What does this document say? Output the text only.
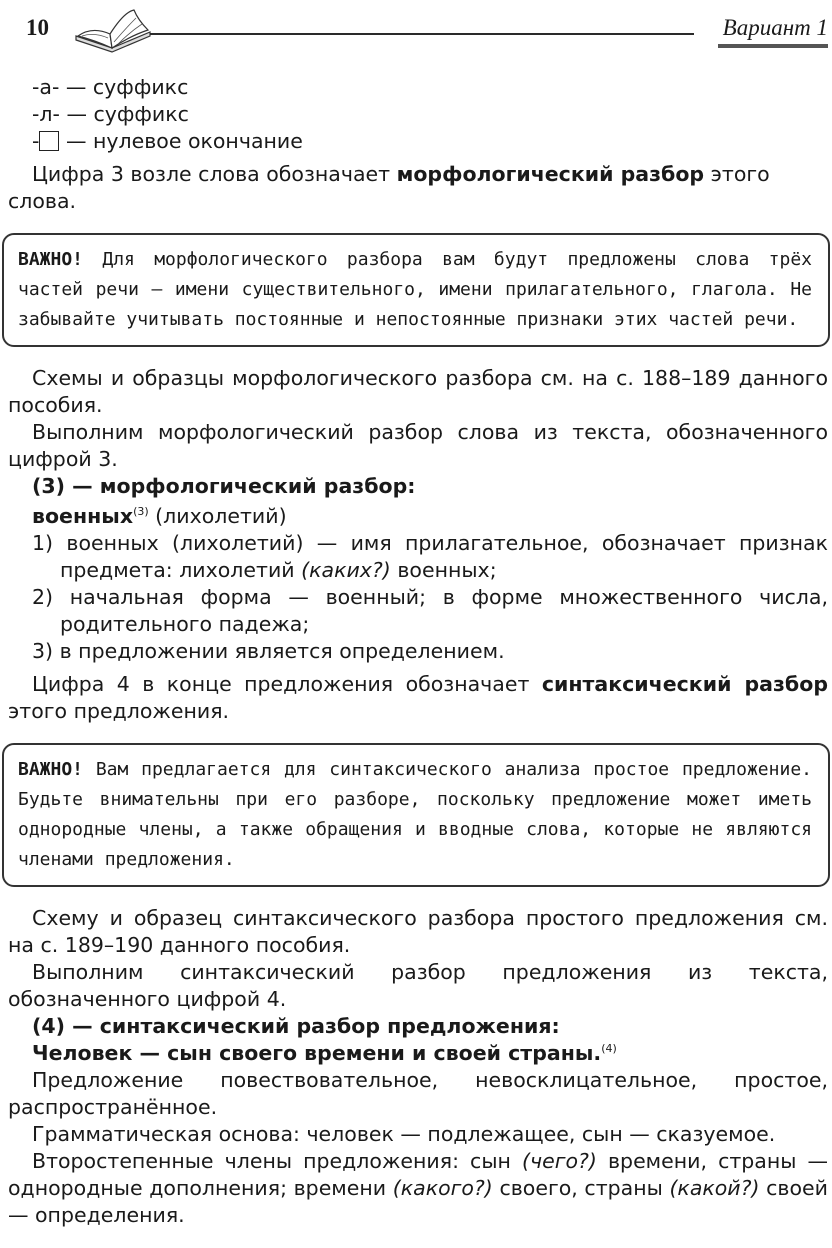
10	Вариант 1

-а- — суффикс

-л- — суффикс

- — нулевое окончание

Цифра 3 возле слова обозначает морфологический разбор этого слова.

ВАЖНО! Для морфологического разбора вам будут предложены слова трёх частей речи — имени существительного, имени прилагательного, глагола. Не забывайте учитывать постоянные и непостоянные признаки этих частей речи.

Схемы и образцы морфологического разбора см. на с. 188–189 данного пособия.

Выполним морфологический разбор слова из текста, обозначенного цифрой 3.

(3) — морфологический разбор:

военных$^{(3)}$ (лихолетий)

1) военных (лихолетий) — имя прилагательное, обозначает признак предмета: лихолетий (каких?) военных;

2) начальная форма — военный; в форме множественного числа, родительного падежа;

3) в предложении является определением.

Цифра 4 в конце предложения обозначает синтаксический разбор этого предложения.

ВАЖНО! Вам предлагается для синтаксического анализа простое предложение. Будьте внимательны при его разборе, поскольку предложение может иметь однородные члены, а также обращения и вводные слова, которые не являются членами предложения.

Схему и образец синтаксического разбора простого предложения см. на с. 189–190 данного пособия.

Выполним синтаксический разбор предложения из текста, обозначенного цифрой 4.

(4) — синтаксический разбор предложения:

Человек — сын своего времени и своей страны.$^{(4)}$

Предложение повествовательное, невосклицательное, простое, распространённое.

Грамматическая основа: человек — подлежащее, сын — сказуемое.

Второстепенные члены предложения: сын (чего?) времени, страны — однородные дополнения; времени (какого?) своего, страны (какой?) своей — определения.
